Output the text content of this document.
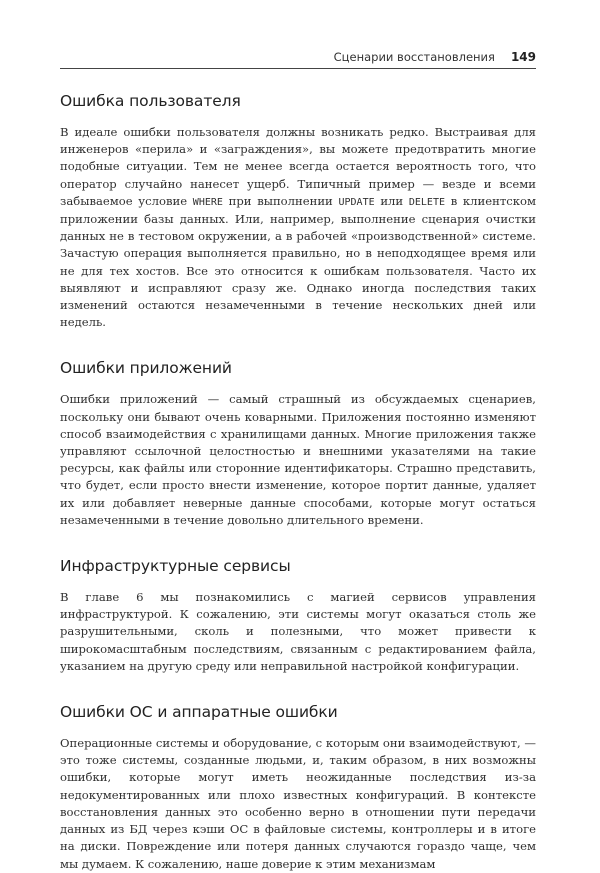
Сценарии восстановления 149
Ошибка пользователя

В идеале ошибки пользователя должны возникать редко. Выстраивая для инженеров «перила» и «заграждения», вы можете предотвратить многие подобные ситуации. Тем не менее всегда остается вероятность того, что оператор случайно нанесет ущерб. Типичный пример — везде и всеми забываемое условие WHERE при выполнении UPDATE или DELETE в клиентском приложении базы данных. Или, например, выполнение сценария очистки данных не в тестовом окружении, а в рабочей «производственной» системе. Зачастую операция выполняется правильно, но в неподходящее время или не для тех хостов. Все это относится к ошибкам пользователя. Часто их выявляют и исправляют сразу же. Однако иногда последствия таких изменений остаются незамеченными в течение нескольких дней или недель.

Ошибки приложений

Ошибки приложений — самый страшный из обсуждаемых сценариев, поскольку они бывают очень коварными. Приложения постоянно изменяют способ взаимодействия с хранилищами данных. Многие приложения также управляют ссылочной целостностью и внешними указателями на такие ресурсы, как файлы или сторонние идентификаторы. Страшно представить, что будет, если просто внести изменение, которое портит данные, удаляет их или добавляет неверные данные способами, которые могут остаться незамеченными в течение довольно длительного времени.

Инфраструктурные сервисы

В главе 6 мы познакомились с магией сервисов управления инфраструктурой. К сожалению, эти системы могут оказаться столь же разрушительными, сколь и полезными, что может привести к широкомасштабным последствиям, связанным с редактированием файла, указанием на другую среду или неправильной настройкой конфигурации.

Ошибки ОС и аппаратные ошибки

Операционные системы и оборудование, с которым они взаимодействуют, — это тоже системы, созданные людьми, и, таким образом, в них возможны ошибки, которые могут иметь неожиданные последствия из-за недокументированных или плохо известных конфигураций. В контексте восстановления данных это особенно верно в отношении пути передачи данных из БД через кэши ОС в файловые системы, контроллеры и в итоге на диски. Повреждение или потеря данных случаются гораздо чаще, чем мы думаем. К сожалению, наше доверие к этим механизмам
